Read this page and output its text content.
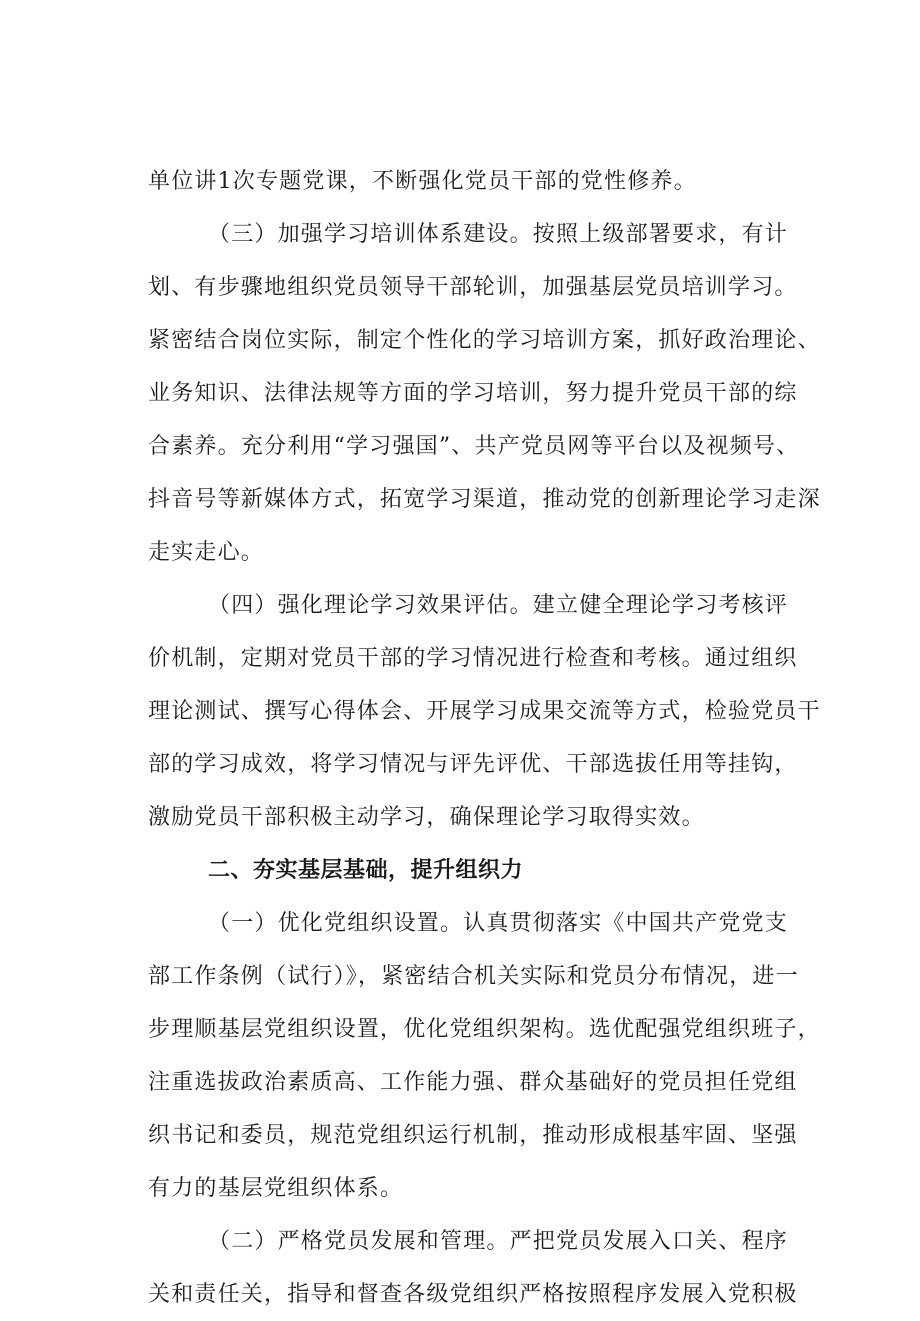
单位讲1次专题党课，不断强化党员干部的党性修养。
（三）加强学习培训体系建设。按照上级部署要求，有计
划、有步骤地组织党员领导干部轮训，加强基层党员培训学习。
紧密结合岗位实际，制定个性化的学习培训方案，抓好政治理论、
业务知识、法律法规等方面的学习培训，努力提升党员干部的综
合素养。充分利用“学习强国”、共产党员网等平台以及视频号、
抖音号等新媒体方式，拓宽学习渠道，推动党的创新理论学习走深
走实走心。
（四）强化理论学习效果评估。建立健全理论学习考核评
价机制，定期对党员干部的学习情况进行检查和考核。通过组织
理论测试、撰写心得体会、开展学习成果交流等方式，检验党员干
部的学习成效，将学习情况与评先评优、干部选拔任用等挂钩，
激励党员干部积极主动学习，确保理论学习取得实效。
二、夯实基层基础，提升组织力
（一）优化党组织设置。认真贯彻落实《中国共产党党支
部工作条例（试行）》，紧密结合机关实际和党员分布情况，进一
步理顺基层党组织设置，优化党组织架构。选优配强党组织班子，
注重选拔政治素质高、工作能力强、群众基础好的党员担任党组
织书记和委员，规范党组织运行机制，推动形成根基牢固、坚强
有力的基层党组织体系。
（二）严格党员发展和管理。严把党员发展入口关、程序
关和责任关，指导和督查各级党组织严格按照程序发展入党积极
